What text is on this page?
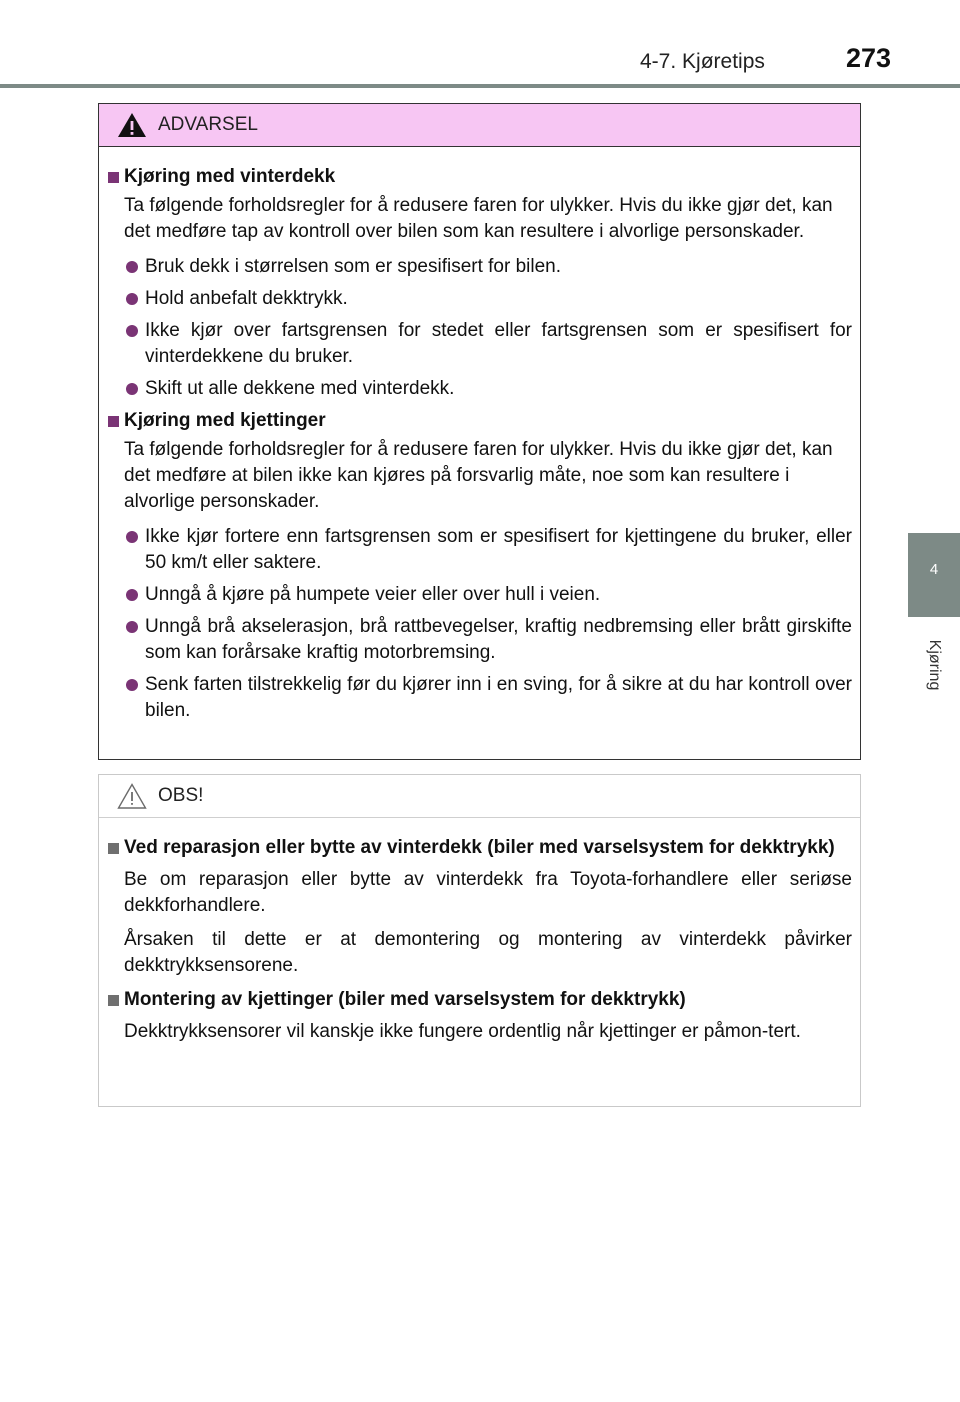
4-7. Kjøretips	273
4
Kjøring
ADVARSEL
Kjøring med vinterdekk
Ta følgende forholdsregler for å redusere faren for ulykker. Hvis du ikke gjør det, kan det medføre tap av kontroll over bilen som kan resultere i alvorlige personskader.
Bruk dekk i størrelsen som er spesifisert for bilen.
Hold anbefalt dekktrykk.
Ikke kjør over fartsgrensen for stedet eller fartsgrensen som er spesifisert for vinterdekkene du bruker.
Skift ut alle dekkene med vinterdekk.
Kjøring med kjettinger
Ta følgende forholdsregler for å redusere faren for ulykker. Hvis du ikke gjør det, kan det medføre at bilen ikke kan kjøres på forsvarlig måte, noe som kan resultere i alvorlige personskader.
Ikke kjør fortere enn fartsgrensen som er spesifisert for kjettingene du bruker, eller 50 km/t eller saktere.
Unngå å kjøre på humpete veier eller over hull i veien.
Unngå brå akselerasjon, brå rattbevegelser, kraftig nedbremsing eller brått girskifte som kan forårsake kraftig motorbremsing.
Senk farten tilstrekkelig før du kjører inn i en sving, for å sikre at du har kontroll over bilen.
OBS!
Ved reparasjon eller bytte av vinterdekk (biler med varselsystem for dekktrykk)
Be om reparasjon eller bytte av vinterdekk fra Toyota-forhandlere eller seriøse dekkforhandlere.
Årsaken til dette er at demontering og montering av vinterdekk påvirker dekktrykksensorene.
Montering av kjettinger (biler med varselsystem for dekktrykk)
Dekktrykksensorer vil kanskje ikke fungere ordentlig når kjettinger er påmon-tert.
